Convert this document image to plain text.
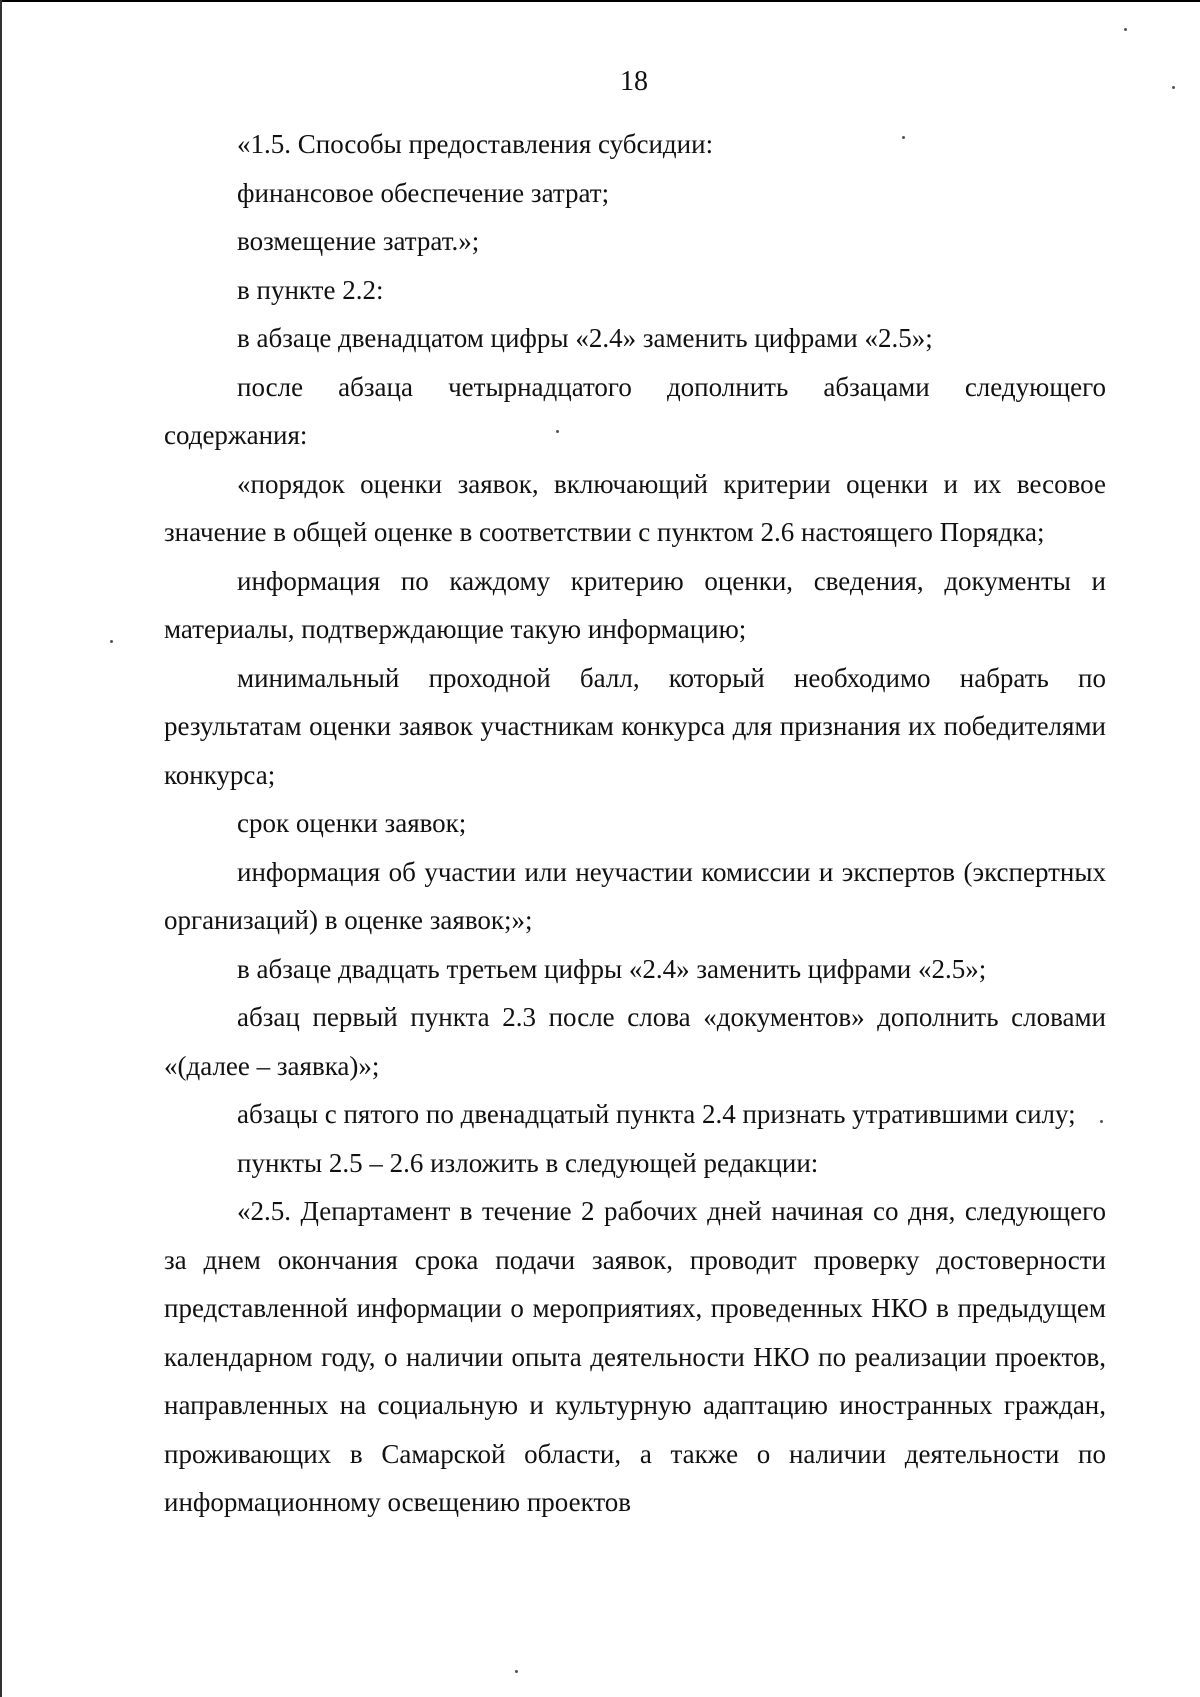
18

«1.5. Способы предоставления субсидии:

финансовое обеспечение затрат;

возмещение затрат.»;

в пункте 2.2:

в абзаце двенадцатом цифры «2.4» заменить цифрами «2.5»;

после абзаца четырнадцатого дополнить абзацами следующего содержания:

«порядок оценки заявок, включающий критерии оценки и их весовое значение в общей оценке в соответствии с пунктом 2.6 настоящего Порядка;

информация по каждому критерию оценки, сведения, документы и материалы, подтверждающие такую информацию;

минимальный проходной балл, который необходимо набрать по результатам оценки заявок участникам конкурса для признания их победителями конкурса;

срок оценки заявок;

информация об участии или неучастии комиссии и экспертов (экспертных организаций) в оценке заявок;»;

в абзаце двадцать третьем цифры «2.4» заменить цифрами «2.5»;

абзац первый пункта 2.3 после слова «документов» дополнить словами «(далее – заявка)»;

абзацы с пятого по двенадцатый пункта 2.4 признать утратившими силу;

пункты 2.5 – 2.6 изложить в следующей редакции:

«2.5. Департамент в течение 2 рабочих дней начиная со дня, следующего за днем окончания срока подачи заявок, проводит проверку достоверности представленной информации о мероприятиях, проведенных НКО в предыдущем календарном году, о наличии опыта деятельности НКО по реализации проектов, направленных на социальную и культурную адаптацию иностранных граждан, проживающих в Самарской области, а также о наличии деятельности по информационному освещению проектов
